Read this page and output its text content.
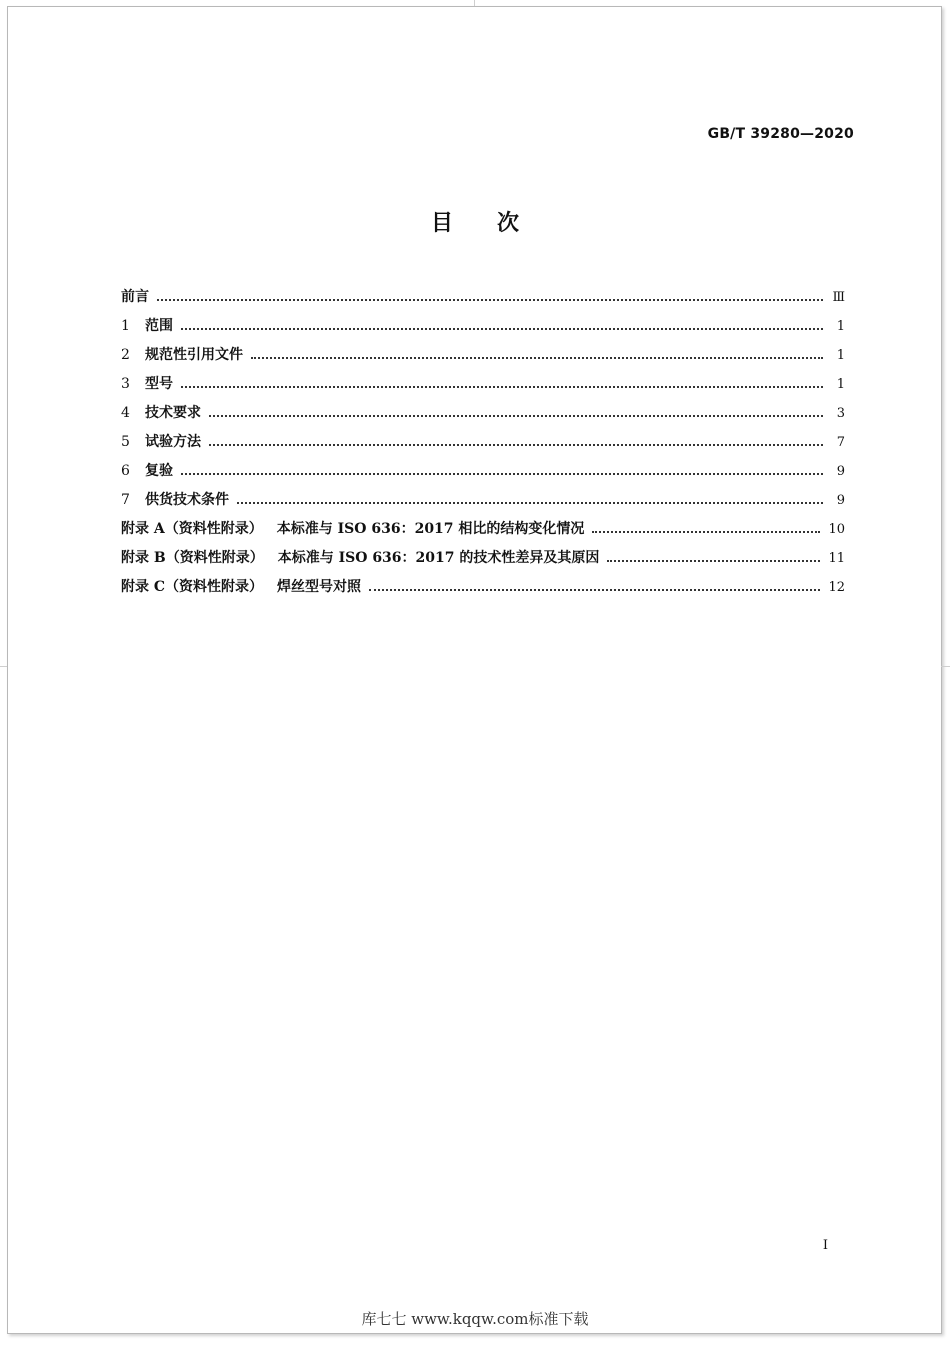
GB/T 39280—2020
目次
前言	Ⅲ
1	范围	1
2	规范性引用文件	1
3	型号	1
4	技术要求	3
5	试验方法	7
6	复验	9
7	供货技术条件	9
附录 A（资料性附录） 本标准与 ISO 636：2017 相比的结构变化情况	10
附录 B（资料性附录） 本标准与 ISO 636：2017 的技术性差异及其原因	11
附录 C（资料性附录） 焊丝型号对照	12
I
库七七 www.kqqw.com标准下载
